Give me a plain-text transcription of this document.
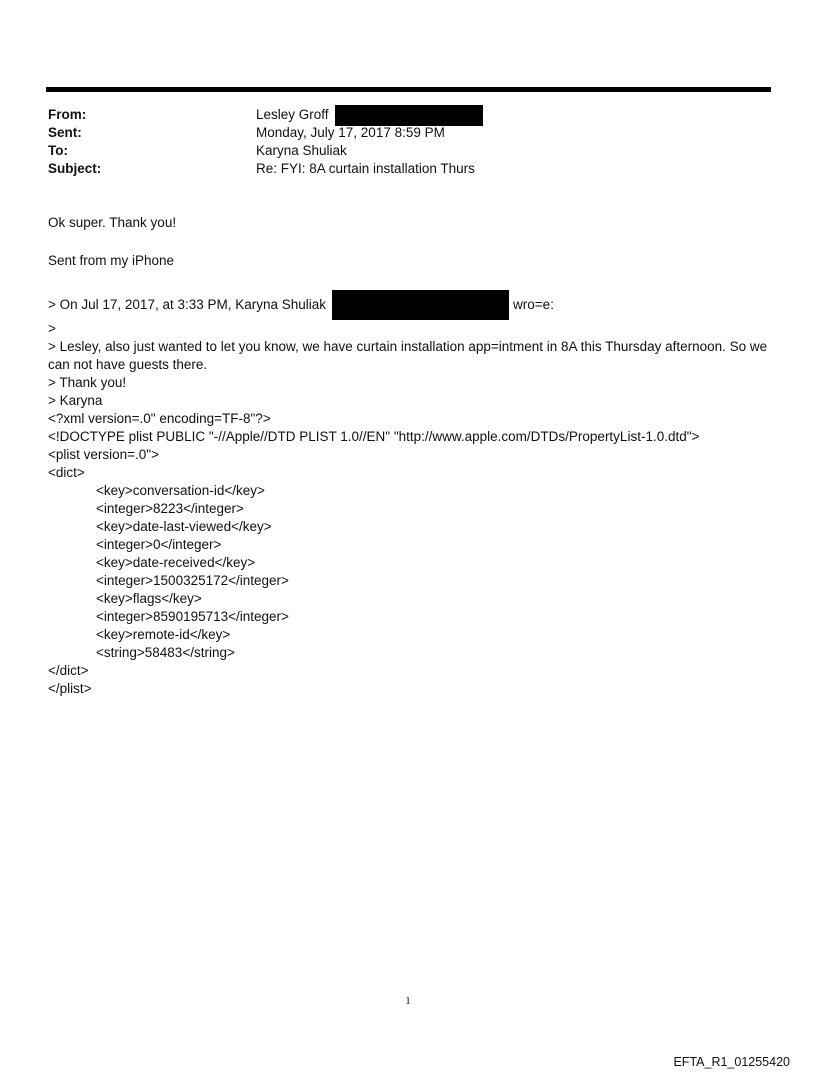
From:	Lesley Groff
Sent:	Monday, July 17, 2017 8:59 PM
To:	Karyna Shuliak
Subject:	Re: FYI: 8A curtain installation Thurs
Ok super. Thank you!
Sent from my iPhone
> On Jul 17, 2017, at 3:33 PM, Karyna Shuliak	wro=e:
>
> Lesley, also just wanted to let you know, we have curtain installation app=intment in 8A this Thursday afternoon. So we can not have guests there.
> Thank you!
> Karyna
<?xml version=.0" encoding=TF-8"?>
<!DOCTYPE plist PUBLIC "-//Apple//DTD PLIST 1.0//EN" "http://www.apple.com/DTDs/PropertyList-1.0.dtd">
<plist version=.0">
<dict>
<key>conversation-id</key>
<integer>8223</integer>
<key>date-last-viewed</key>
<integer>0</integer>
<key>date-received</key>
<integer>1500325172</integer>
<key>flags</key>
<integer>8590195713</integer>
<key>remote-id</key>
<string>58483</string>
</dict>
</plist>
1
EFTA_R1_01255420
